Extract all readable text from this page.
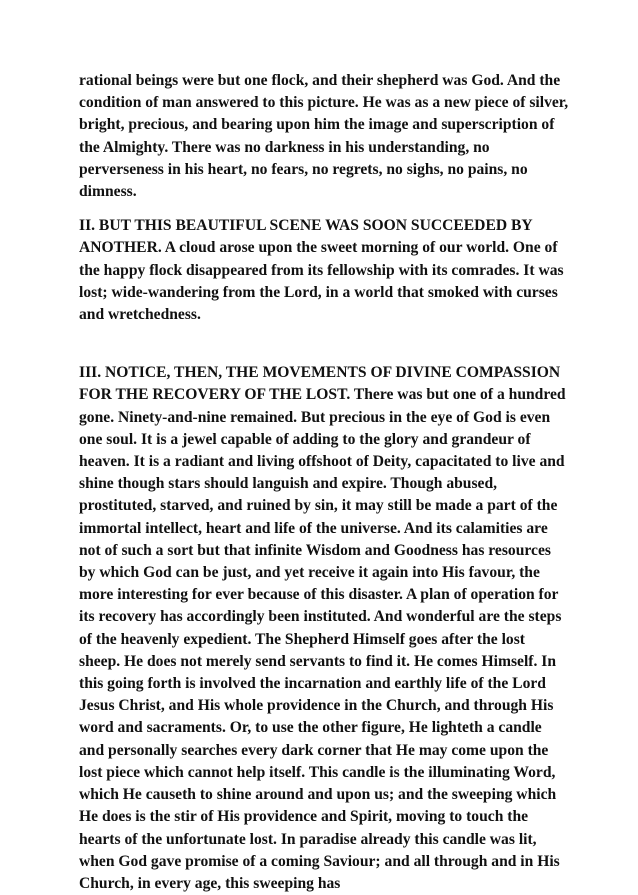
rational beings were but one flock, and their shepherd was God. And the condition of man answered to this picture. He was as a new piece of silver, bright, precious, and bearing upon him the image and superscription of the Almighty. There was no darkness in his understanding, no perverseness in his heart, no fears, no regrets, no sighs, no pains, no dimness.

II. BUT THIS BEAUTIFUL SCENE WAS SOON SUCCEEDED BY ANOTHER. A cloud arose upon the sweet morning of our world. One of the happy flock disappeared from its fellowship with its comrades. It was lost; wide-wandering from the Lord, in a world that smoked with curses and wretchedness.

III. NOTICE, THEN, THE MOVEMENTS OF DIVINE COMPASSION FOR THE RECOVERY OF THE LOST. There was but one of a hundred gone. Ninety-and-nine remained. But precious in the eye of God is even one soul. It is a jewel capable of adding to the glory and grandeur of heaven. It is a radiant and living offshoot of Deity, capacitated to live and shine though stars should languish and expire. Though abused, prostituted, starved, and ruined by sin, it may still be made a part of the immortal intellect, heart and life of the universe. And its calamities are not of such a sort but that infinite Wisdom and Goodness has resources by which God can be just, and yet receive it again into His favour, the more interesting for ever because of this disaster. A plan of operation for its recovery has accordingly been instituted. And wonderful are the steps of the heavenly expedient. The Shepherd Himself goes after the lost sheep. He does not merely send servants to find it. He comes Himself. In this going forth is involved the incarnation and earthly life of the Lord Jesus Christ, and His whole providence in the Church, and through His word and sacraments. Or, to use the other figure, He lighteth a candle and personally searches every dark corner that He may come upon the lost piece which cannot help itself. This candle is the illuminating Word, which He causeth to shine around and upon us; and the sweeping which He does is the stir of His providence and Spirit, moving to touch the hearts of the unfortunate lost. In paradise already this candle was lit, when God gave promise of a coming Saviour; and all through and in His Church, in every age, this sweeping has
